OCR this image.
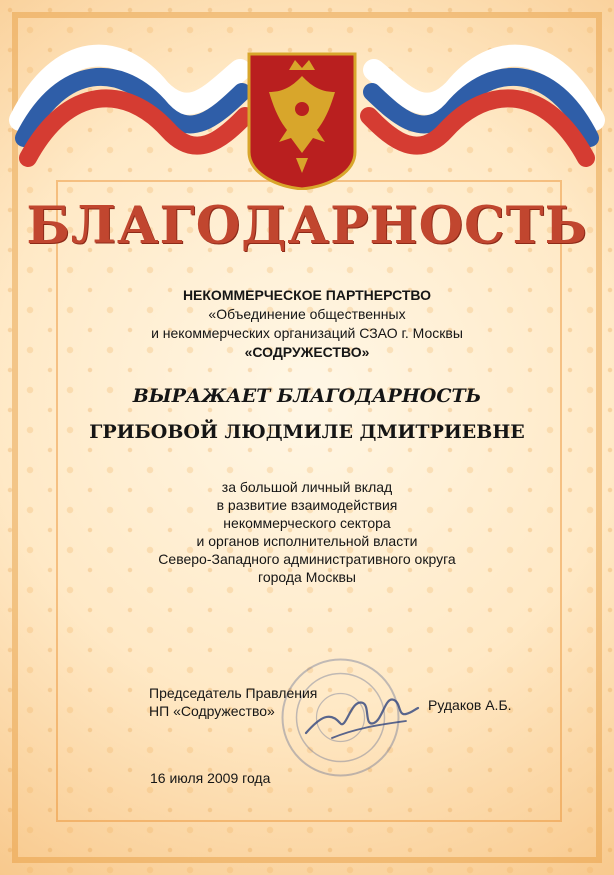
БЛАГОДАРНОСТЬ
НЕКОММЕРЧЕСКОЕ ПАРТНЕРСТВО
«Объединение общественных
и некоммерческих организаций СЗАО г. Москвы
«СОДРУЖЕСТВО»
ВЫРАЖАЕТ БЛАГОДАРНОСТЬ
ГРИБОВОЙ ЛЮДМИЛЕ ДМИТРИЕВНЕ
за большой личный вклад
в развитие взаимодействия
некоммерческого сектора
и органов исполнительной власти
Северо-Западного административного округа
города Москвы
Председатель Правления
НП «Содружество»	Рудаков А.Б.
16 июля 2009 года
